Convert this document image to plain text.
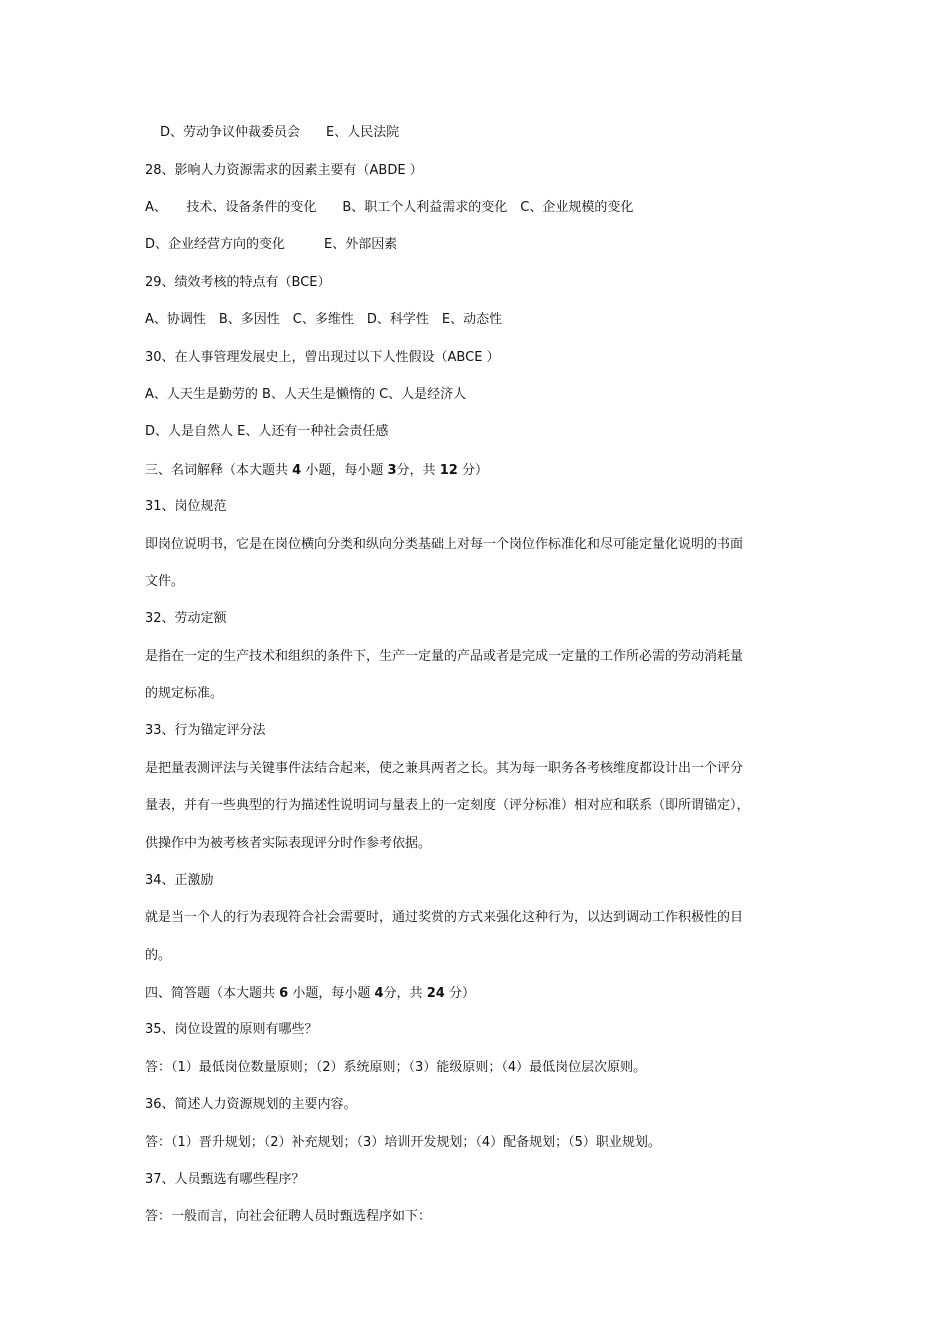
D、劳动争议仲裁委员会　　E、人民法院
28、影响人力资源需求的因素主要有（ABDE ）
A、　　技术、设备条件的变化　　B、职工个人利益需求的变化　C、企业规模的变化
D、企业经营方向的变化　　　E、外部因素
29、绩效考核的特点有（BCE）
A、协调性　B、多因性　C、多维性　D、科学性　E、动态性
30、在人事管理发展史上，曾出现过以下人性假设（ABCE ）
A、人天生是勤劳的 B、人天生是懒惰的 C、人是经济人
D、人是自然人 E、人还有一种社会责任感
三、名词解释（本大题共 4 小题，每小题 3分，共 12 分）
31、岗位规范
即岗位说明书，它是在岗位横向分类和纵向分类基础上对每一个岗位作标准化和尽可能定量化说明的书面
文件。
32、劳动定额
是指在一定的生产技术和组织的条件下，生产一定量的产品或者是完成一定量的工作所必需的劳动消耗量
的规定标准。
33、行为锚定评分法
是把量表测评法与关键事件法结合起来，使之兼具两者之长。其为每一职务各考核维度都设计出一个评分
量表，并有一些典型的行为描述性说明词与量表上的一定刻度（评分标准）相对应和联系（即所谓锚定），
供操作中为被考核者实际表现评分时作参考依据。
34、正激励
就是当一个人的行为表现符合社会需要时，通过奖赏的方式来强化这种行为，以达到调动工作积极性的目
的。
四、简答题（本大题共 6 小题，每小题 4分，共 24 分）
35、岗位设置的原则有哪些？
答：（1）最低岗位数量原则；（2）系统原则；（3）能级原则；（4）最低岗位层次原则。
36、简述人力资源规划的主要内容。
答：（1）晋升规划；（2）补充规划；（3）培训开发规划；（4）配备规划；（5）职业规划。
37、人员甄选有哪些程序？
答：一般而言，向社会征聘人员时甄选程序如下：
